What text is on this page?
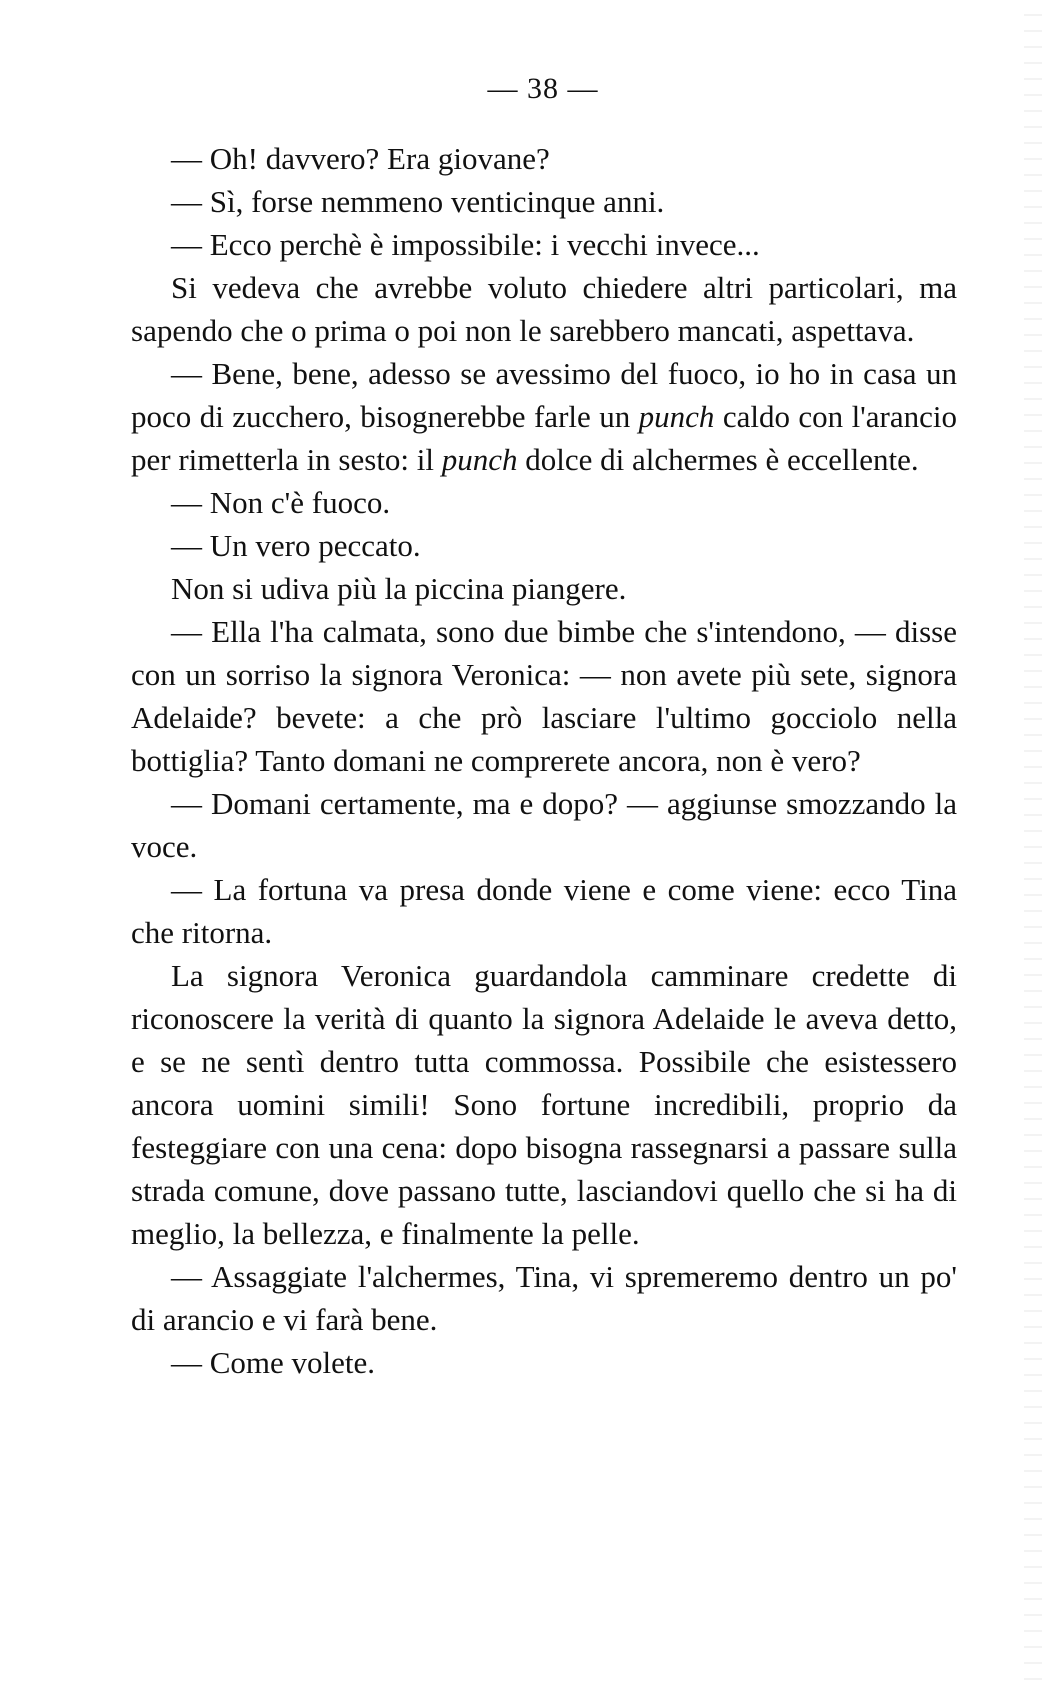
— 38 —

— Oh! davvero? Era giovane?

— Sì, forse nemmeno venticinque anni.

— Ecco perchè è impossibile: i vecchi invece...

Si vedeva che avrebbe voluto chiedere altri particolari, ma sapendo che o prima o poi non le sarebbero mancati, aspettava.

— Bene, bene, adesso se avessimo del fuoco, io ho in casa un poco di zucchero, bisognerebbe farle un punch caldo con l'arancio per rimetterla in sesto: il punch dolce di alchermes è eccellente.

— Non c'è fuoco.

— Un vero peccato.

Non si udiva più la piccina piangere.

— Ella l'ha calmata, sono due bimbe che s'intendono, — disse con un sorriso la signora Veronica: — non avete più sete, signora Adelaide? bevete: a che prò lasciare l'ultimo gocciolo nella bottiglia? Tanto domani ne comprerete ancora, non è vero?

— Domani certamente, ma e dopo? — aggiunse smozzando la voce.

— La fortuna va presa donde viene e come viene: ecco Tina che ritorna.

La signora Veronica guardandola camminare credette di riconoscere la verità di quanto la signora Adelaide le aveva detto, e se ne sentì dentro tutta commossa. Possibile che esistessero ancora uomini simili! Sono fortune incredibili, proprio da festeggiare con una cena: dopo bisogna rassegnarsi a passare sulla strada comune, dove passano tutte, lasciandovi quello che si ha di meglio, la bellezza, e finalmente la pelle.

— Assaggiate l'alchermes, Tina, vi spremeremo dentro un po' di arancio e vi farà bene.

— Come volete.
